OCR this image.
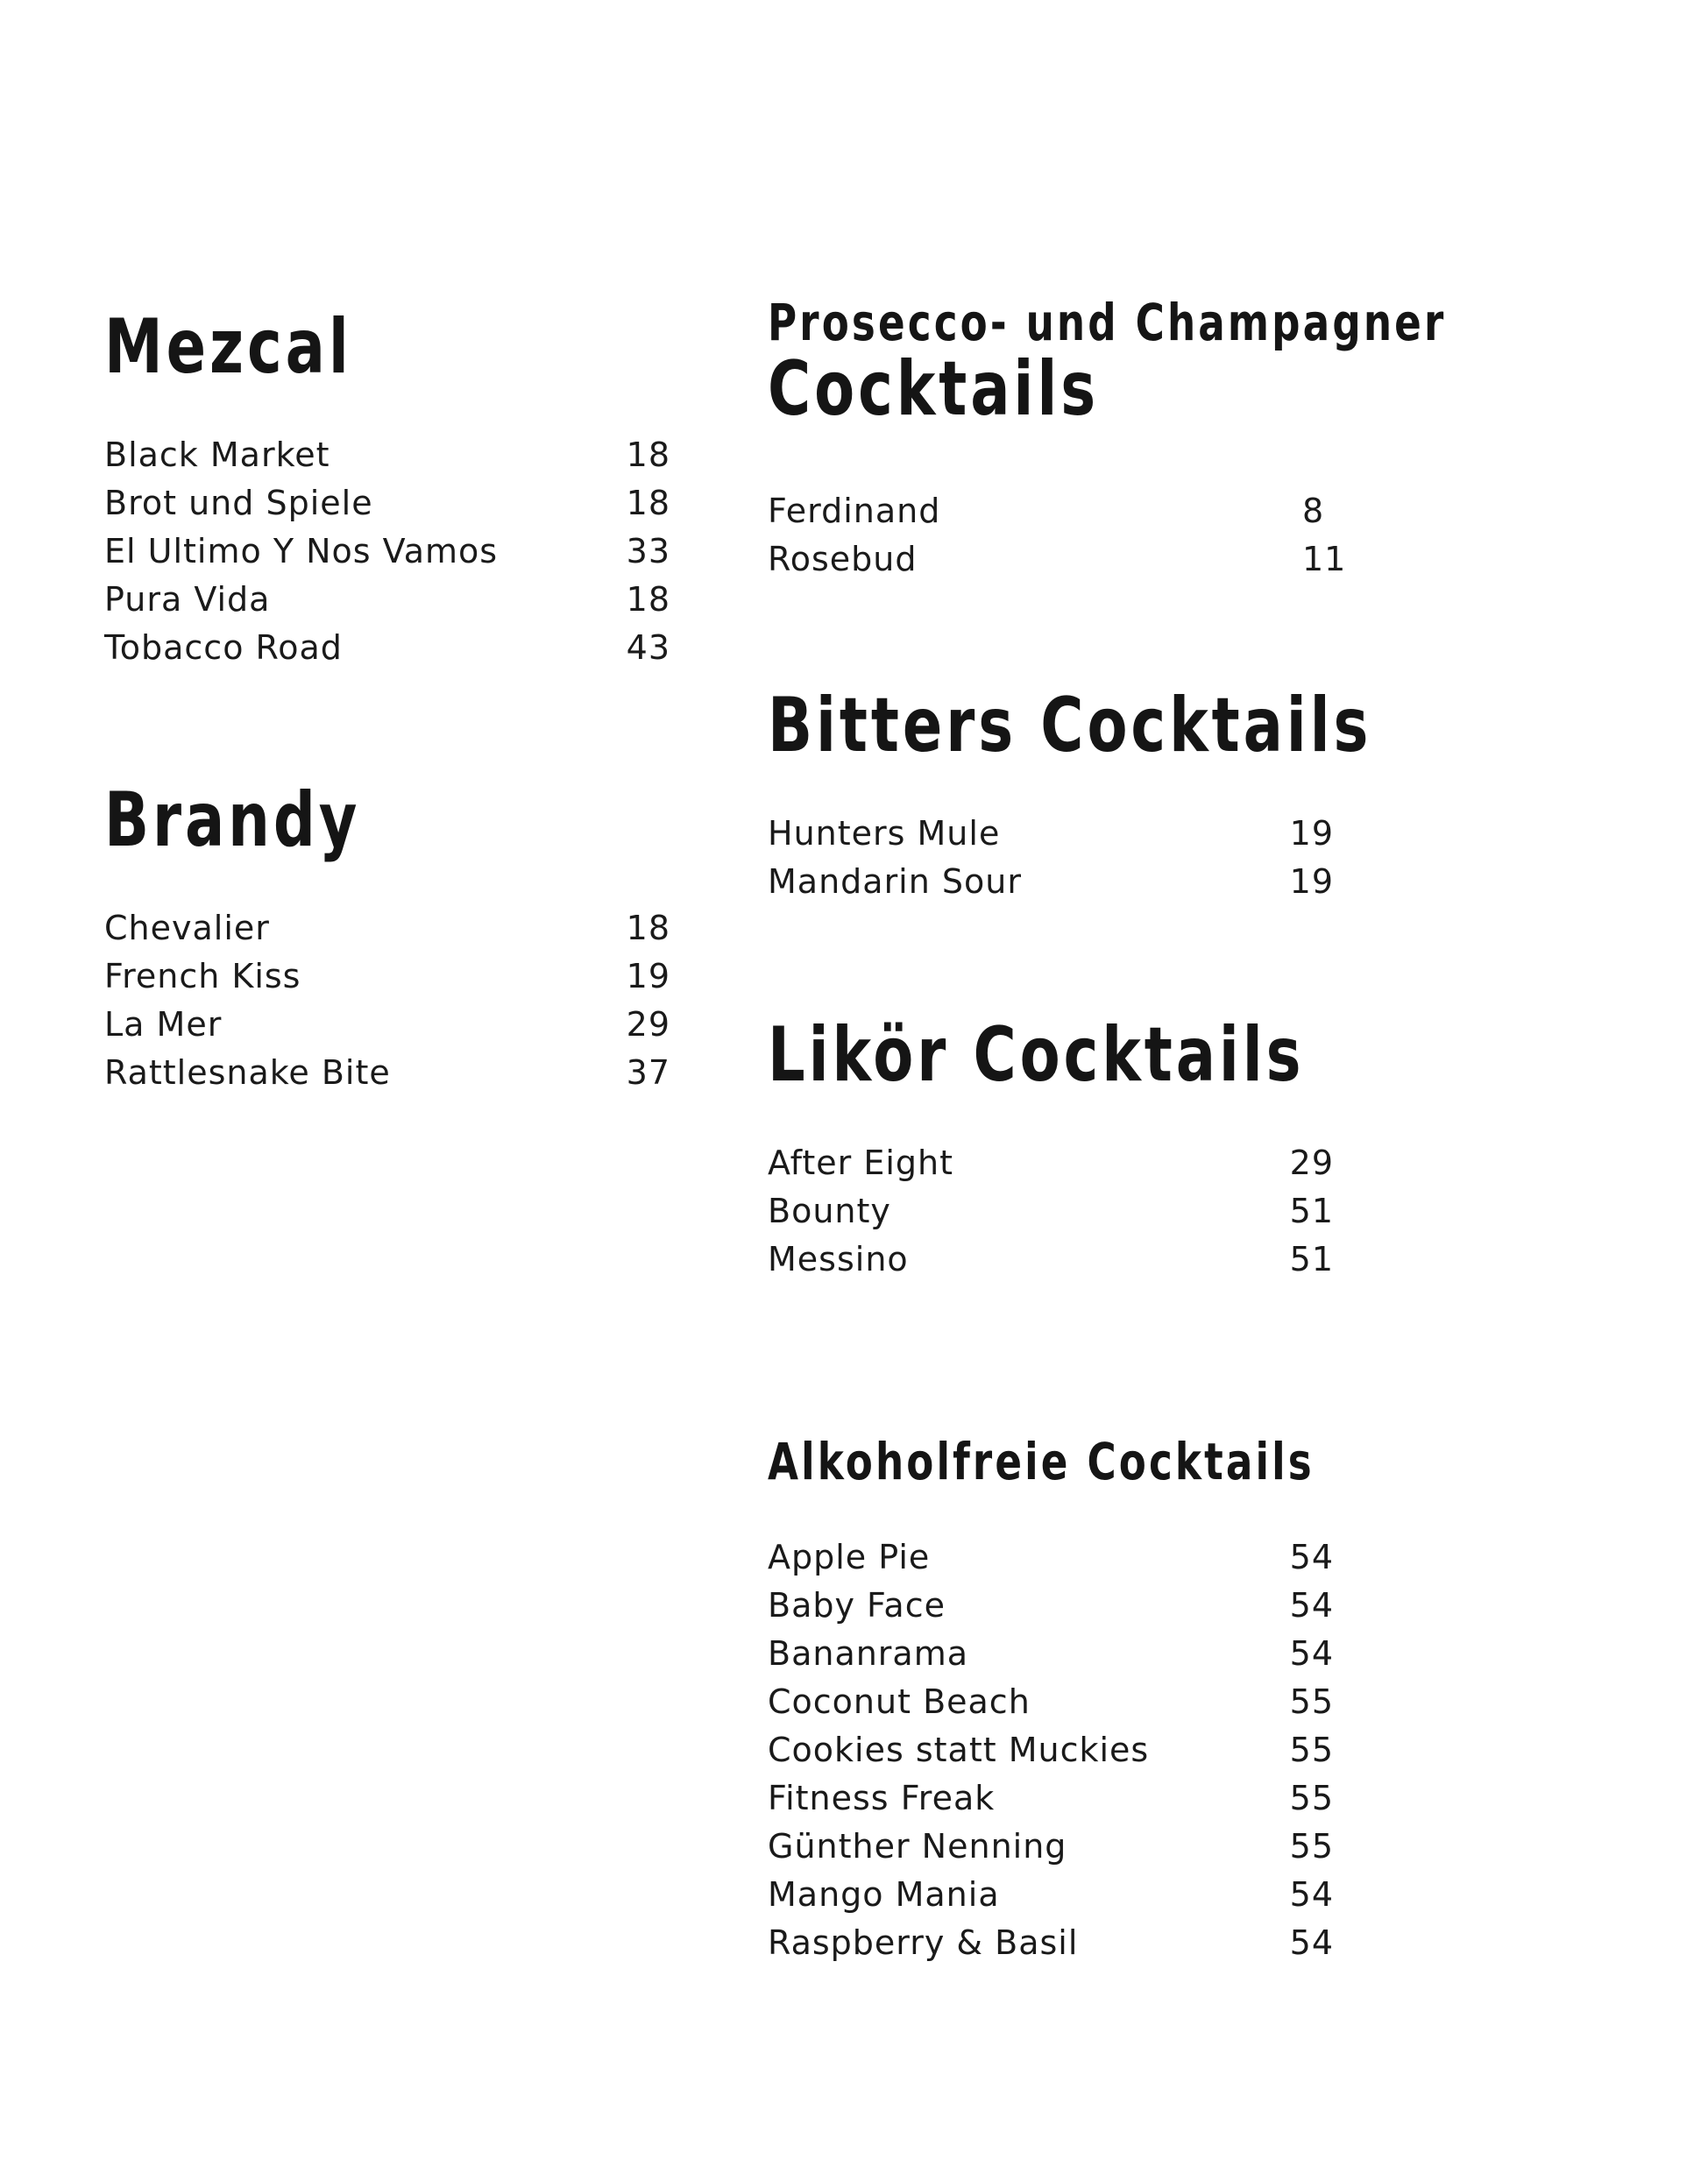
Mezcal
Black Market	18
Brot und Spiele	18
El Ultimo Y Nos Vamos	33
Pura Vida	18
Tobacco Road	43
Brandy
Chevalier	18
French Kiss	19
La Mer	29
Rattlesnake Bite	37
Prosecco- und Champagner
Cocktails
Ferdinand	8
Rosebud	11
Bitters Cocktails
Hunters Mule	19
Mandarin Sour	19
Likör Cocktails
After Eight	29
Bounty	51
Messino	51
Alkoholfreie Cocktails
Apple Pie	54
Baby Face	54
Bananrama	54
Coconut Beach	55
Cookies statt Muckies	55
Fitness Freak	55
Günther Nenning	55
Mango Mania	54
Raspberry & Basil	54
